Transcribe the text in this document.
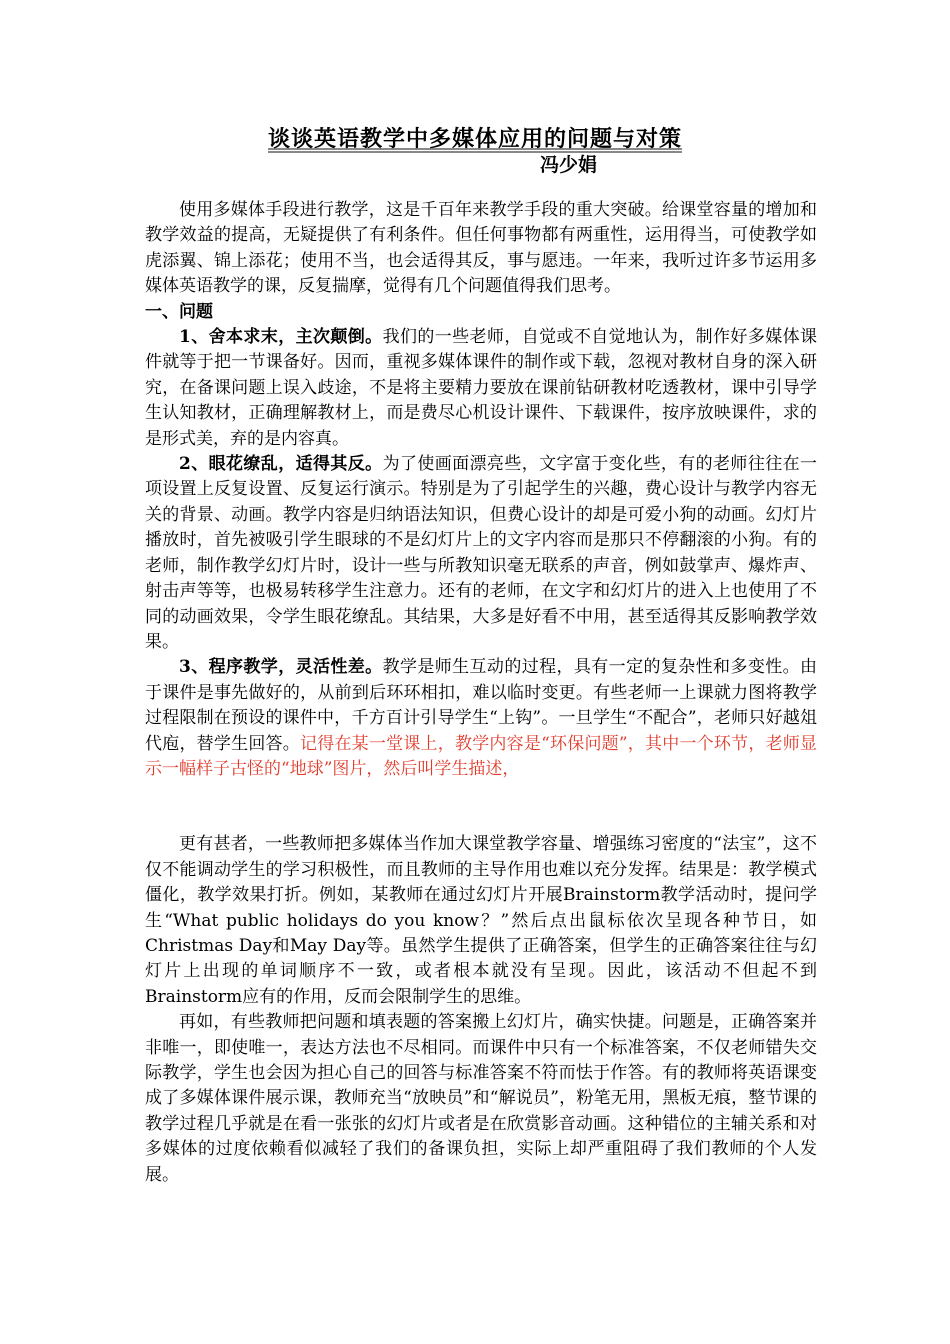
谈谈英语教学中多媒体应用的问题与对策
冯少娟

使用多媒体手段进行教学，这是千百年来教学手段的重大突破。给课堂容量的增加和教学效益的提高，无疑提供了有利条件。但任何事物都有两重性，运用得当，可使教学如虎添翼、锦上添花；使用不当，也会适得其反，事与愿违。一年来，我听过许多节运用多媒体英语教学的课，反复揣摩，觉得有几个问题值得我们思考。

一、问题

1、舍本求末，主次颠倒。我们的一些老师，自觉或不自觉地认为，制作好多媒体课件就等于把一节课备好。因而，重视多媒体课件的制作或下载，忽视对教材自身的深入研究，在备课问题上误入歧途，不是将主要精力要放在课前钻研教材吃透教材，课中引导学生认知教材，正确理解教材上，而是费尽心机设计课件、下载课件，按序放映课件，求的是形式美，弃的是内容真。

2、眼花缭乱，适得其反。为了使画面漂亮些，文字富于变化些，有的老师往往在一项设置上反复设置、反复运行演示。特别是为了引起学生的兴趣，费心设计与教学内容无关的背景、动画。教学内容是归纳语法知识，但费心设计的却是可爱小狗的动画。幻灯片播放时，首先被吸引学生眼球的不是幻灯片上的文字内容而是那只不停翻滚的小狗。有的老师，制作教学幻灯片时，设计一些与所教知识毫无联系的声音，例如鼓掌声、爆炸声、射击声等等，也极易转移学生注意力。还有的老师，在文字和幻灯片的进入上也使用了不同的动画效果，令学生眼花缭乱。其结果，大多是好看不中用，甚至适得其反影响教学效果。

3、程序教学，灵活性差。教学是师生互动的过程，具有一定的复杂性和多变性。由于课件是事先做好的，从前到后环环相扣，难以临时变更。有些老师一上课就力图将教学过程限制在预设的课件中，千方百计引导学生“上钩”。一旦学生“不配合”，老师只好越俎代庖，替学生回答。记得在某一堂课上，教学内容是“环保问题”，其中一个环节，老师显示一幅样子古怪的“地球”图片，然后叫学生描述，

更有甚者，一些教师把多媒体当作加大课堂教学容量、增强练习密度的“法宝”，这不仅不能调动学生的学习积极性，而且教师的主导作用也难以充分发挥。结果是：教学模式僵化，教学效果打折。例如，某教师在通过幻灯片开展Brainstorm教学活动时，提问学生“What public holidays do you know？”然后点出鼠标依次呈现各种节日，如Christmas Day和May Day等。虽然学生提供了正确答案，但学生的正确答案往往与幻灯片上出现的单词顺序不一致，或者根本就没有呈现。因此，该活动不但起不到Brainstorm应有的作用，反而会限制学生的思维。

再如，有些教师把问题和填表题的答案搬上幻灯片，确实快捷。问题是，正确答案并非唯一，即使唯一，表达方法也不尽相同。而课件中只有一个标准答案，不仅老师错失交际教学，学生也会因为担心自己的回答与标准答案不符而怯于作答。有的教师将英语课变成了多媒体课件展示课，教师充当“放映员”和“解说员”，粉笔无用，黑板无痕，整节课的教学过程几乎就是在看一张张的幻灯片或者是在欣赏影音动画。这种错位的主辅关系和对多媒体的过度依赖看似减轻了我们的备课负担，实际上却严重阻碍了我们教师的个人发展。
